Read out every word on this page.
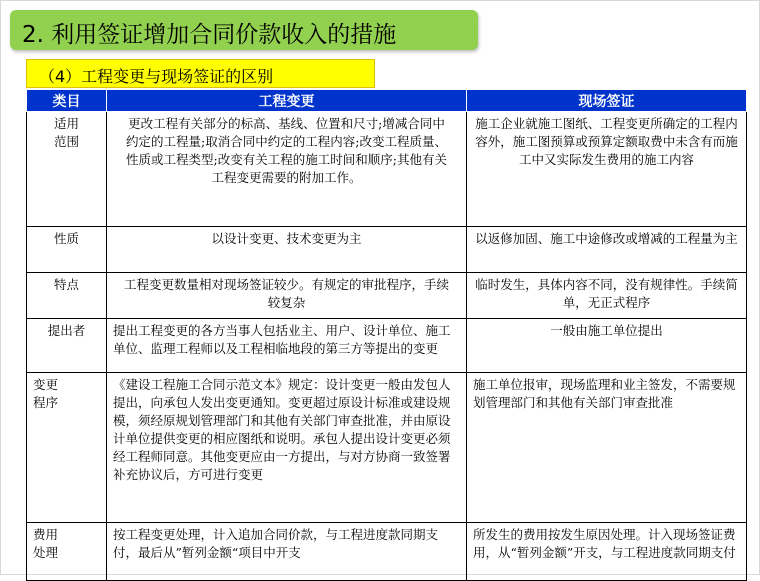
2. 利用签证增加合同价款收入的措施
（4）工程变更与现场签证的区别
类目	工程变更	现场签证
适用
范围	更改工程有关部分的标高、基线、位置和尺寸;增减合同中约定的工程量;取消合同中约定的工程内容;改变工程质量、性质或工程类型;改变有关工程的施工时间和顺序;其他有关工程变更需要的附加工作。	施工企业就施工图纸、工程变更所确定的工程内容外，施工图预算或预算定额取费中未含有而施工中又实际发生费用的施工内容
性质	以设计变更、技术变更为主	以返修加固、施工中途修改或增减的工程量为主
特点	工程变更数量相对现场签证较少。有规定的审批程序，手续较复杂	临时发生，具体内容不同，没有规律性。手续简单，无正式程序
提出者	提出工程变更的各方当事人包括业主、用户、设计单位、施工单位、监理工程师以及工程相临地段的第三方等提出的变更	一般由施工单位提出
变更
程序	《建设工程施工合同示范文本》规定：设计变更一般由发包人提出，向承包人发出变更通知。变更超过原设计标准或建设规模，须经原规划管理部门和其他有关部门审查批准，并由原设计单位提供变更的相应图纸和说明。承包人提出设计变更必须经工程师同意。其他变更应由一方提出，与对方协商一致签署补充协议后，方可进行变更	施工单位报审，现场监理和业主签发，不需要规划管理部门和其他有关部门审查批准
费用
处理	按工程变更处理，计入追加合同价款，与工程进度款同期支付，最后从”暂列金额“项目中开支	所发生的费用按发生原因处理。计入现场签证费用，从“暂列金额”开支，与工程进度款同期支付
